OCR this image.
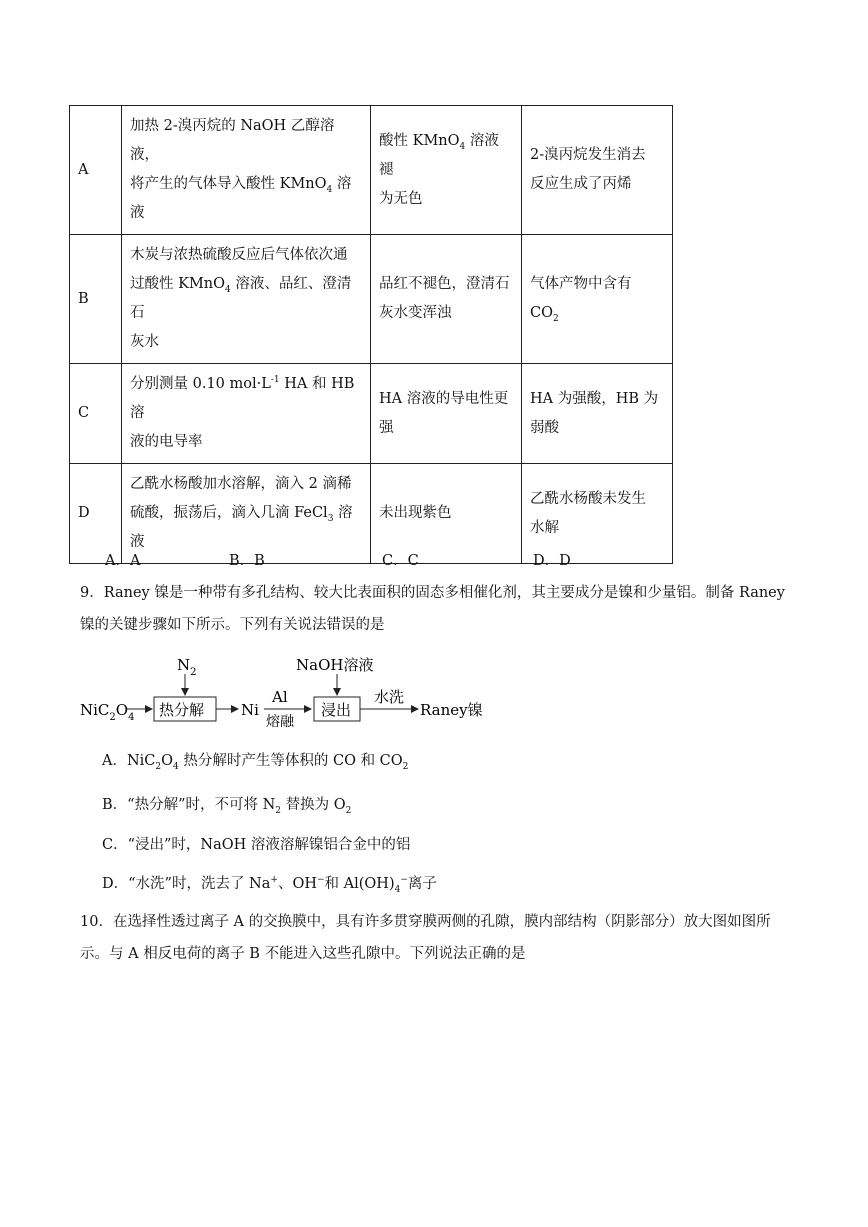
A	加热 2-溴丙烷的 NaOH 乙醇溶液，
将产生的气体导入酸性 KMnO$_4$ 溶
液	酸性 KMnO$_4$ 溶液褪
为无色	2-溴丙烷发生消去
反应生成了丙烯
B	木炭与浓热硫酸反应后气体依次通
过酸性 KMnO$_4$ 溶液、品红、澄清石
灰水	品红不褪色，澄清石
灰水变浑浊	气体产物中含有
$CO_2$
C	分别测量 0.10 $mol\cdot L^{-1}$ HA 和 HB 溶
液的电导率	HA 溶液的导电性更
强	HA 为强酸，HB 为
弱酸
D	乙酰水杨酸加水溶解，滴入 2 滴稀
硫酸，振荡后，滴入几滴 FeCl$_3$ 溶液	未出现紫色	乙酰水杨酸未发生
水解
A．A	B．B	C．C	D．D
9．Raney 镍是一种带有多孔结构、较大比表面积的固态多相催化剂，其主要成分是镍和少量铝。制备 Raney 镍的关键步骤如下所示。下列有关说法错误的是
$NiC_2O_4$ 热分解
$N_2$
Ni
Al
熔融
浸出
NaOH溶液
水洗
Raney镍
A．$NiC_2O_4$ 热分解时产生等体积的 CO 和 $CO_2$
B．“热分解”时，不可将 $N_2$ 替换为 $O_2$
C．“浸出”时，NaOH 溶液溶解镍铝合金中的铝
D．“水洗”时，洗去了 Na+、OH−和 $Al(OH)_4^-$离子
10．在选择性透过离子 A 的交换膜中，具有许多贯穿膜两侧的孔隙，膜内部结构（阴影部分）放大图如图所示。与 A 相反电荷的离子 B 不能进入这些孔隙中。下列说法正确的是
